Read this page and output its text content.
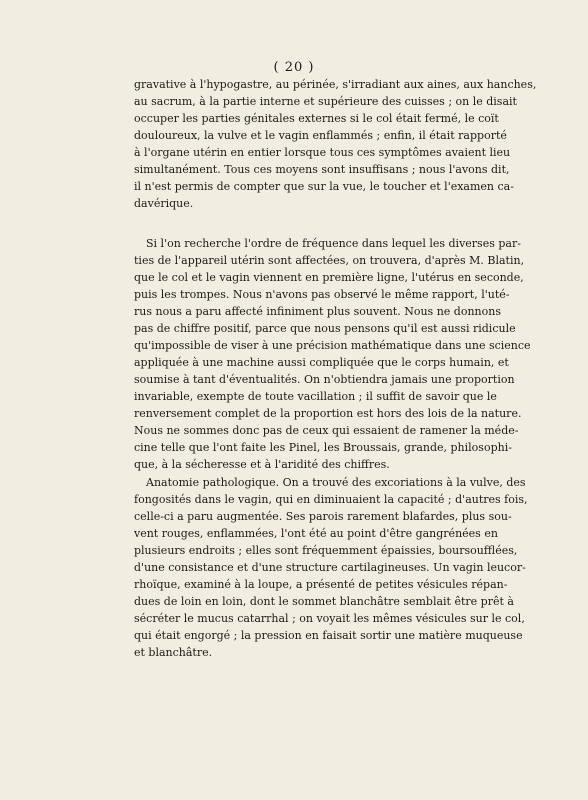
( 20 )
gravative à l'hypogastre, au périnée, s'irradiant aux aines, aux hanches,
au sacrum, à la partie interne et supérieure des cuisses ; on le disait
occuper les parties génitales externes si le col était fermé, le coït
douloureux, la vulve et le vagin enflammés ; enfin, il était rapporté
à l'organe utérin en entier lorsque tous ces symptômes avaient lieu
simultanément. Tous ces moyens sont insuffisans ; nous l'avons dit,
il n'est permis de compter que sur la vue, le toucher et l'examen ca-
davérique.
Si l'on recherche l'ordre de fréquence dans lequel les diverses par-
ties de l'appareil utérin sont affectées, on trouvera, d'après M. Blatin,
que le col et le vagin viennent en première ligne, l'utérus en seconde,
puis les trompes. Nous n'avons pas observé le même rapport, l'uté-
rus nous a paru affecté infiniment plus souvent. Nous ne donnons
pas de chiffre positif, parce que nous pensons qu'il est aussi ridicule
qu'impossible de viser à une précision mathématique dans une science
appliquée à une machine aussi compliquée que le corps humain, et
soumise à tant d'éventualités. On n'obtiendra jamais une proportion
invariable, exempte de toute vacillation ; il suffit de savoir que le
renversement complet de la proportion est hors des lois de la nature.
Nous ne sommes donc pas de ceux qui essaient de ramener la méde-
cine telle que l'ont faite les Pinel, les Broussais, grande, philosophi-
que, à la sécheresse et à l'aridité des chiffres.
Anatomie pathologique. On a trouvé des excoriations à la vulve, des
fongosités dans le vagin, qui en diminuaient la capacité ; d'autres fois,
celle-ci a paru augmentée. Ses parois rarement blafardes, plus sou-
vent rouges, enflammées, l'ont été au point d'être gangrénées en
plusieurs endroits ; elles sont fréquemment épaissies, boursoufflées,
d'une consistance et d'une structure cartilagineuses. Un vagin leucor-
rhoïque, examiné à la loupe, a présenté de petites vésicules répan-
dues de loin en loin, dont le sommet blanchâtre semblait être prêt à
sécréter le mucus catarrhal ; on voyait les mêmes vésicules sur le col,
qui était engorgé ; la pression en faisait sortir une matière muqueuse
et blanchâtre.
